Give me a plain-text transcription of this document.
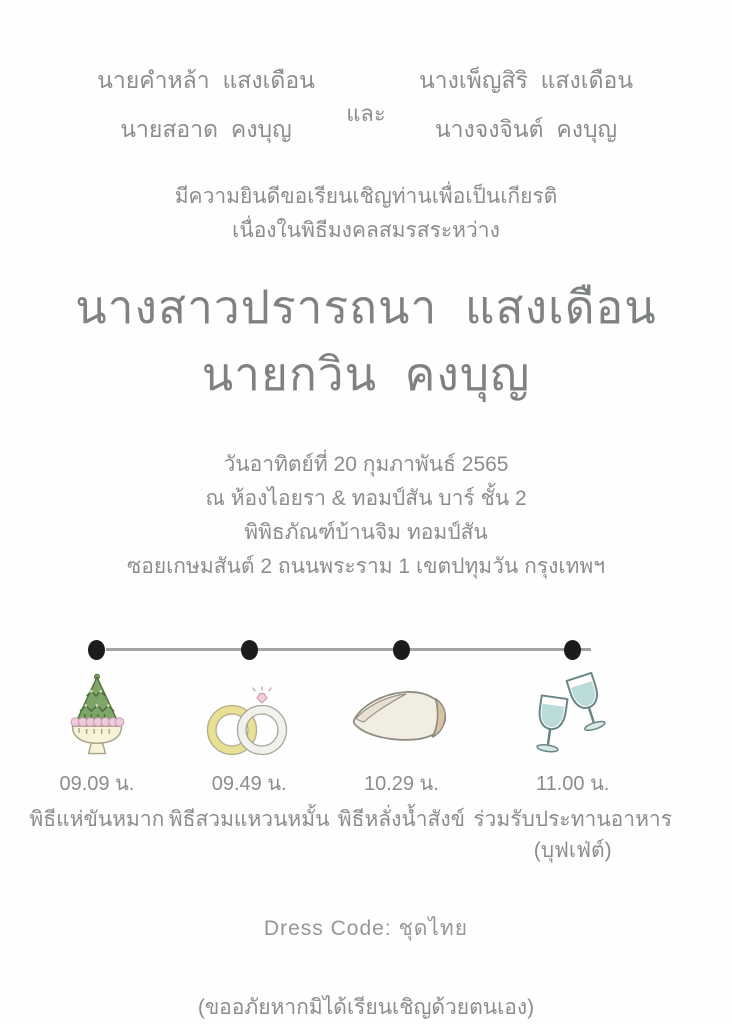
นายคำหล้า  แสงเดือน
นายสอาด  คงบุญ
และ
นางเพ็ญสิริ  แสงเดือน
นางจงจินต์  คงบุญ
มีความยินดีขอเรียนเชิญท่านเพื่อเป็นเกียรติ
เนื่องในพิธีมงคลสมรสระหว่าง
นางสาวปรารถนา  แสงเดือน
นายกวิน  คงบุญ
วันอาทิตย์ที่ 20 กุมภาพันธ์ 2565
ณ ห้องไอยรา & ทอมป์สัน บาร์ ชั้น 2
พิพิธภัณฑ์บ้านจิม ทอมป์สัน
ซอยเกษมสันต์ 2 ถนนพระราม 1 เขตปทุมวัน กรุงเทพฯ
09.09 น.
พิธีแห่ขันหมาก
09.49 น.
พิธีสวมแหวนหมั้น
10.29 น.
พิธีหลั่งน้ำสังข์
11.00 น.
ร่วมรับประทานอาหาร
(บุฟเฟ่ต์)
Dress Code: ชุดไทย
(ขออภัยหากมิได้เรียนเชิญด้วยตนเอง)
